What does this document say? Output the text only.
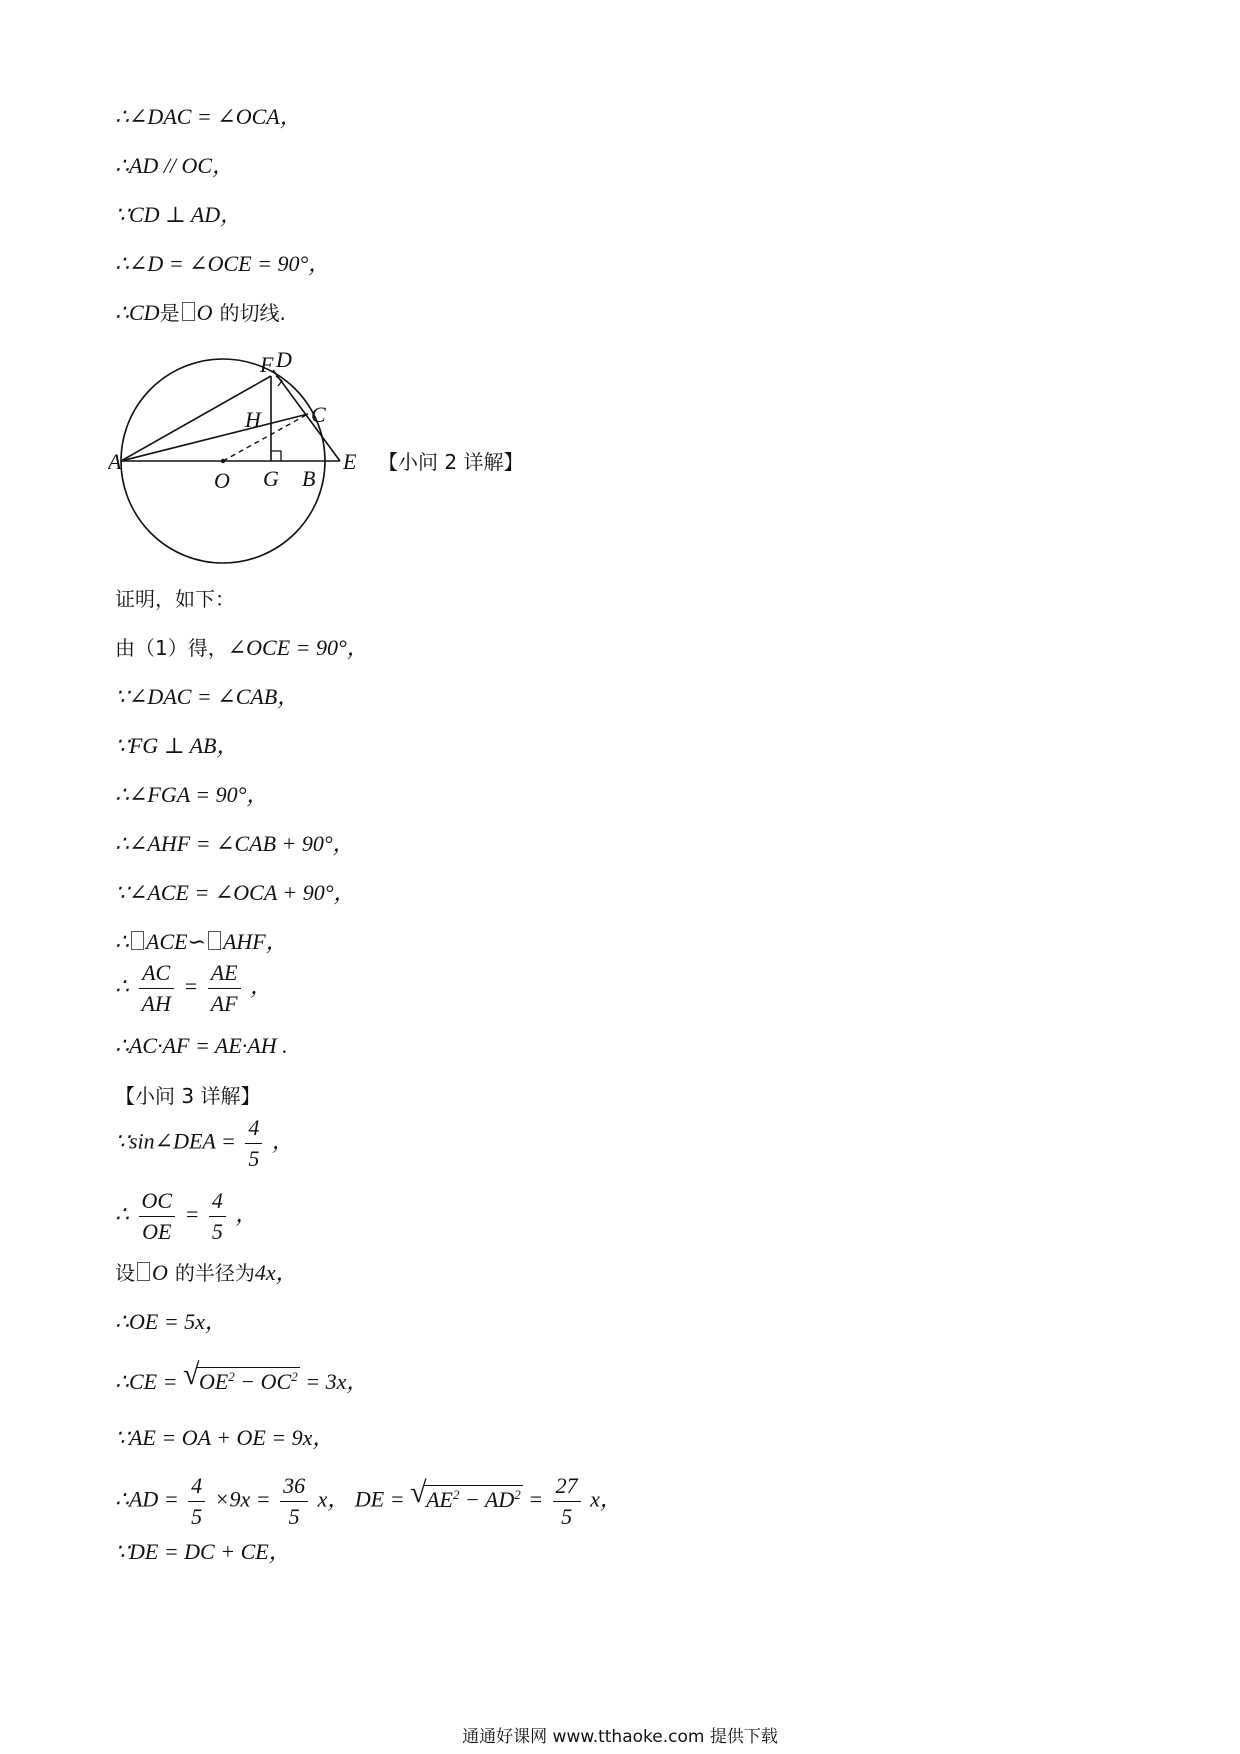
∴∠DAC = ∠OCA，
∴AD // OC，
∵CD ⊥ AD，
∴∠D = ∠OCE = 90°，
∴CD是 O 的切线.
F D
H C
A	E
O G B
【小问 2 详解】
证明，如下：
由（1）得，∠OCE = 90°，
∵∠DAC = ∠CAB，
∵FG ⊥ AB，
∴∠FGA = 90°，
∴∠AHF = ∠CAB + 90°，
∵∠ACE = ∠OCA + 90°，
∴ ACE∽ AHF，
∴ $\frac{AC}{AH} = \frac{AE}{AF}$ ，
∴AC·AF = AE·AH .
【小问 3 详解】
∵sin∠DEA = $\frac{4}{5}$ ，
∴ $\frac{OC}{OE} = \frac{4}{5}$ ，
设 O 的半径为4x，
∴OE = 5x，
∴CE = √ $OE^2 - OC^2 = 3x$，
∵AE = OA + OE = 9x，
∴AD = $\frac{4}{5} \times 9x = \frac{36}{5}$ x， DE = √ $AE^2 - AD^2 = \frac{27}{5}$ x，
∵DE = DC + CE，
通通好课网 www.tthaoke.com 提供下载
